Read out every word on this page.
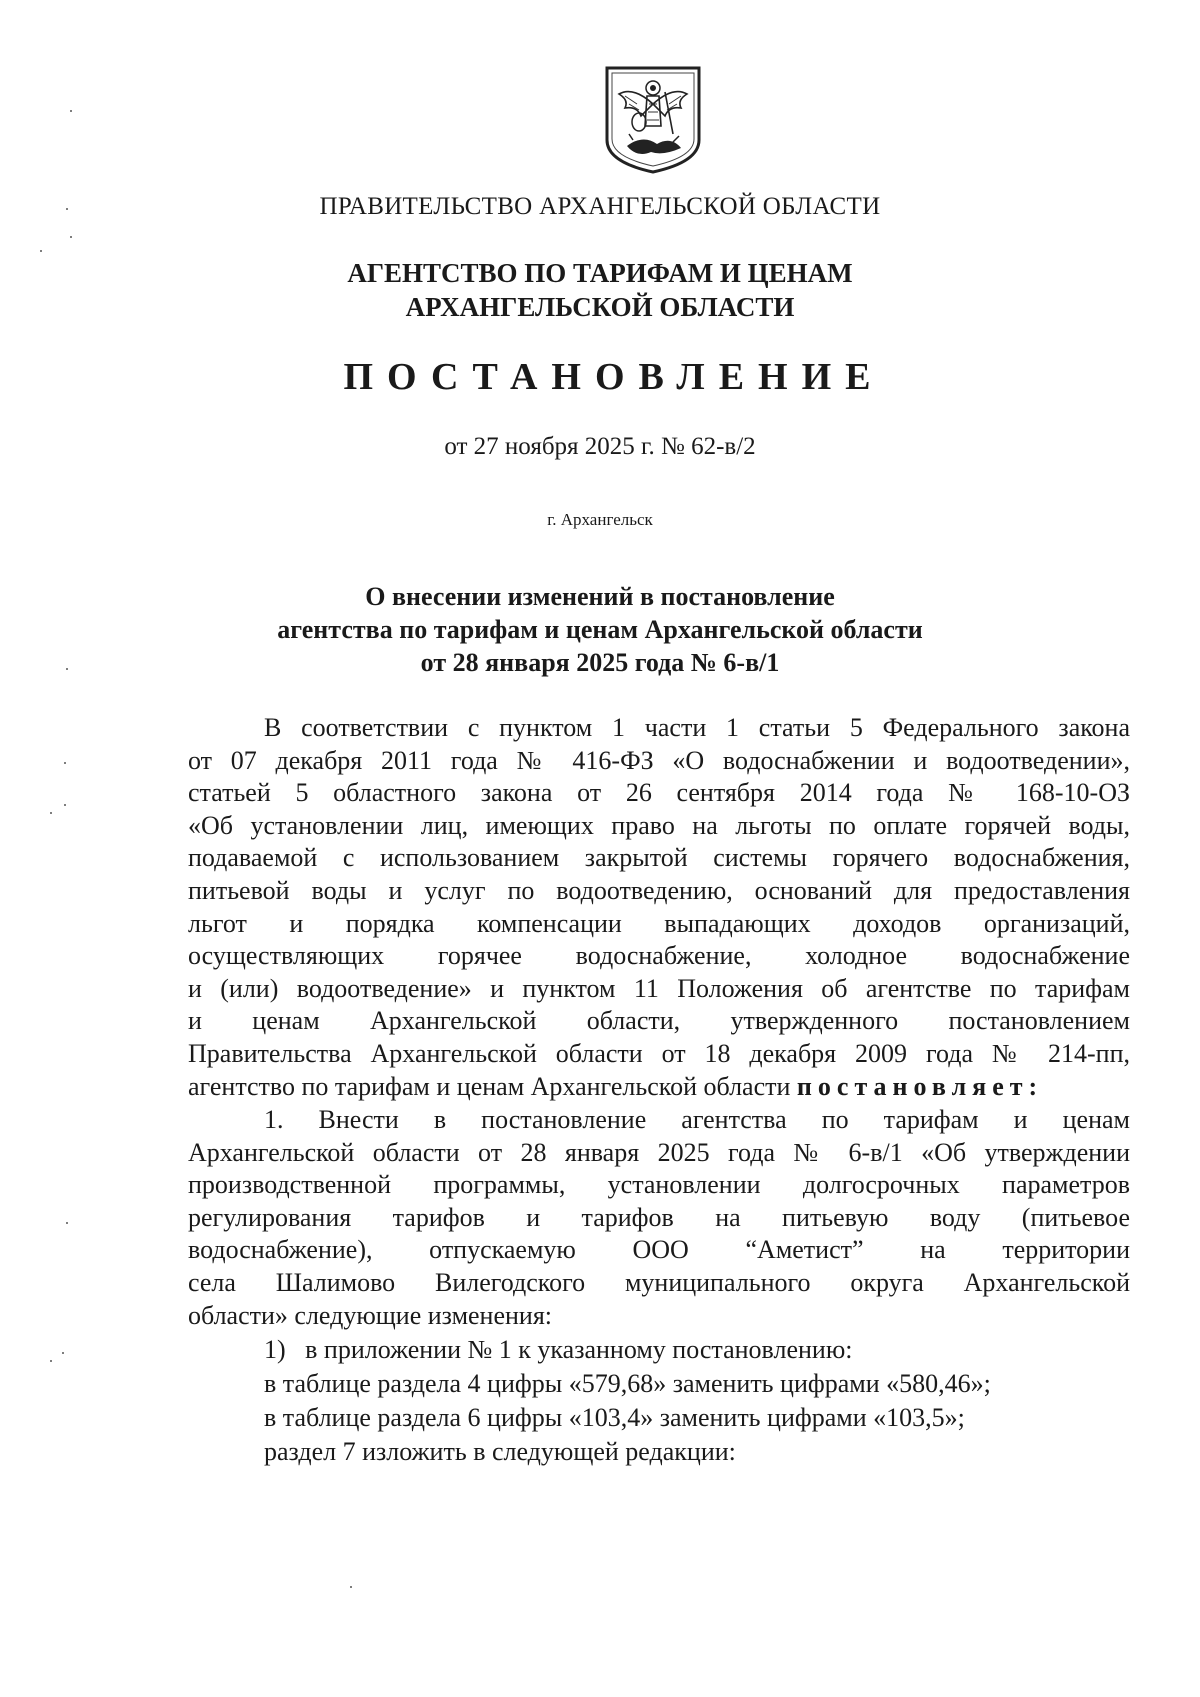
ПРАВИТЕЛЬСТВО АРХАНГЕЛЬСКОЙ ОБЛАСТИ
АГЕНТСТВО ПО ТАРИФАМ И ЦЕНАМ
АРХАНГЕЛЬСКОЙ ОБЛАСТИ
ПОСТАНОВЛЕНИЕ
от 27 ноября 2025 г. № 62-в/2
г. Архангельск
О внесении изменений в постановление
агентства по тарифам и ценам Архангельской области
от 28 января 2025 года № 6-в/1
В соответствии с пунктом 1 части 1 статьи 5 Федерального закона
от 07 декабря 2011 года № 416-ФЗ «О водоснабжении и водоотведении»,
статьей 5 областного закона от 26 сентября 2014 года № 168-10-ОЗ
«Об установлении лиц, имеющих право на льготы по оплате горячей воды,
подаваемой с использованием закрытой системы горячего водоснабжения,
питьевой воды и услуг по водоотведению, оснований для предоставления
льгот и порядка компенсации выпадающих доходов организаций,
осуществляющих горячее водоснабжение, холодное водоснабжение
и (или) водоотведение» и пунктом 11 Положения об агентстве по тарифам
и ценам Архангельской области, утвержденного постановлением
Правительства Архангельской области от 18 декабря 2009 года № 214-пп,
агентство по тарифам и ценам Архангельской области постановляет:
1. Внести в постановление агентства по тарифам и ценам
Архангельской области от 28 января 2025 года № 6-в/1 «Об утверждении
производственной программы, установлении долгосрочных параметров
регулирования тарифов и тарифов на питьевую воду (питьевое
водоснабжение), отпускаемую ООО “Аметист” на территории
села Шалимово Вилегодского муниципального округа Архангельской
области» следующие изменения:
1)   в приложении № 1 к указанному постановлению:
в таблице раздела 4 цифры «579,68» заменить цифрами «580,46»;
в таблице раздела 6 цифры «103,4» заменить цифрами «103,5»;
раздел 7 изложить в следующей редакции:
